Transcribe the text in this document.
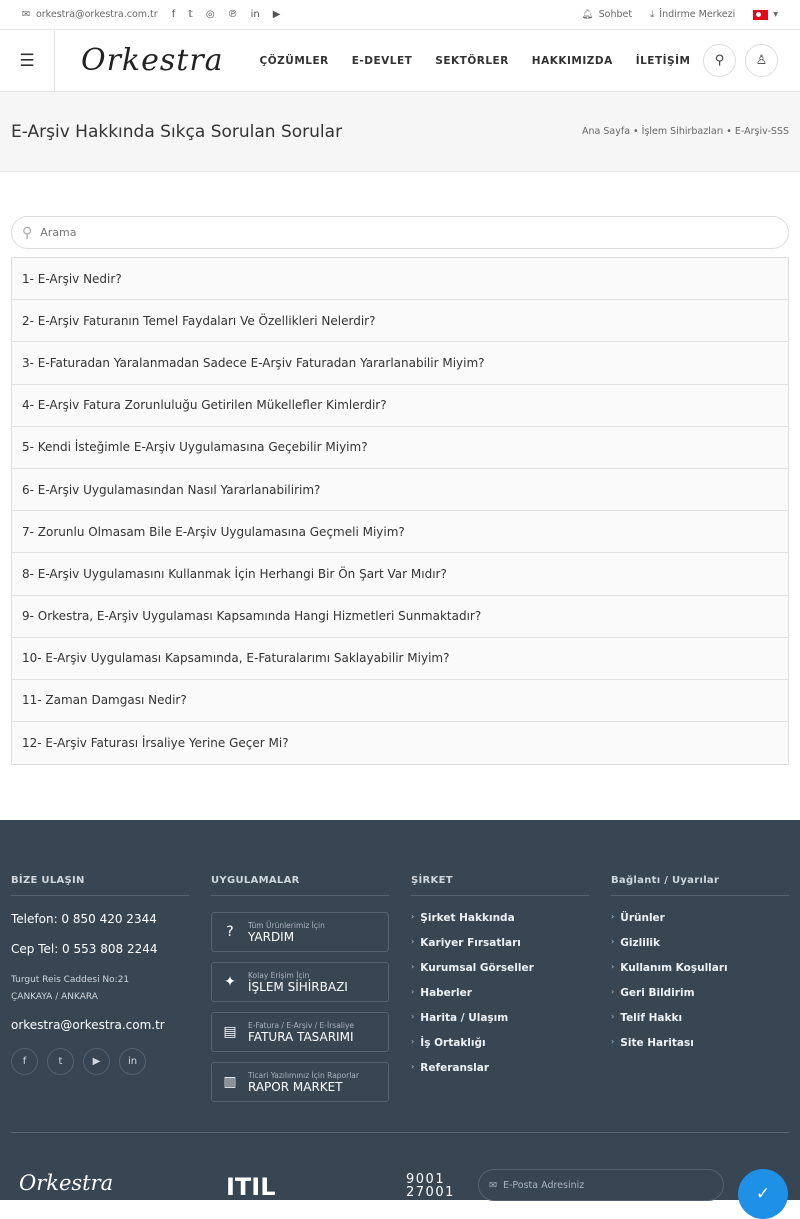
✉ orkestra@orkestra.com.tr f 𝕥 ◎ ℗ in ▶	🔔︎ Sohbet ⤓ İndirme Merkezi	▾
☰	Orkestra	ÇÖZÜMLER E-DEVLET SEKTÖRLER HAKKIMIZDA İLETİŞİM	⚲	♙
E-Arşiv Hakkında Sıkça Sorulan Sorular	Ana Sayfa • İşlem Sihirbazları • E-Arşiv-SSS
⚲
Arama
1- E-Arşiv Nedir?
2- E-Arşiv Faturanın Temel Faydaları Ve Özellikleri Nelerdir?
3- E-Faturadan Yaralanmadan Sadece E-Arşiv Faturadan Yararlanabilir Miyim?
4- E-Arşiv Fatura Zorunluluğu Getirilen Mükellefler Kimlerdir?
5- Kendi İsteğimle E-Arşiv Uygulamasına Geçebilir Miyim?
6- E-Arşiv Uygulamasından Nasıl Yararlanabilirim?
7- Zorunlu Olmasam Bile E-Arşiv Uygulamasına Geçmeli Miyim?
8- E-Arşiv Uygulamasını Kullanmak İçin Herhangi Bir Ön Şart Var Mıdır?
9- Orkestra, E-Arşiv Uygulaması Kapsamında Hangi Hizmetleri Sunmaktadır?
10- E-Arşiv Uygulaması Kapsamında, E-Faturalarımı Saklayabilir Miyim?
11- Zaman Damgası Nedir?
12- E-Arşiv Faturası İrsaliye Yerine Geçer Mi?
BİZE ULAŞIN
Telefon: 0 850 420 2344
Cep Tel: 0 553 808 2244
Turgut Reis Caddesi No:21
ÇANKAYA / ANKARA
orkestra@orkestra.com.tr
f	t	▶	in
UYGULAMALAR
?	Tüm Ürünlerimiz İçin
YARDIM
✦	Kolay Erişim İçin
İŞLEM SİHİRBAZI
▤	E-Fatura / E-Arşiv / E-İrsaliye
FATURA TASARIMI
▥	Ticari Yazılımınız İçin Raporlar
RAPOR MARKET
ŞİRKET
› Şirket Hakkında
› Kariyer Fırsatları
› Kurumsal Görseller
› Haberler
› Harita / Ulaşım
› İş Ortaklığı
› Referanslar
Bağlantı / Uyarılar
› Ürünler
› Gizlilik
› Kullanım Koşulları
› Geri Bildirim
› Telif Hakkı
› Site Haritası
Orkestra	ITIL	9001
27001	✉ E-Posta Adresiniz	✓
